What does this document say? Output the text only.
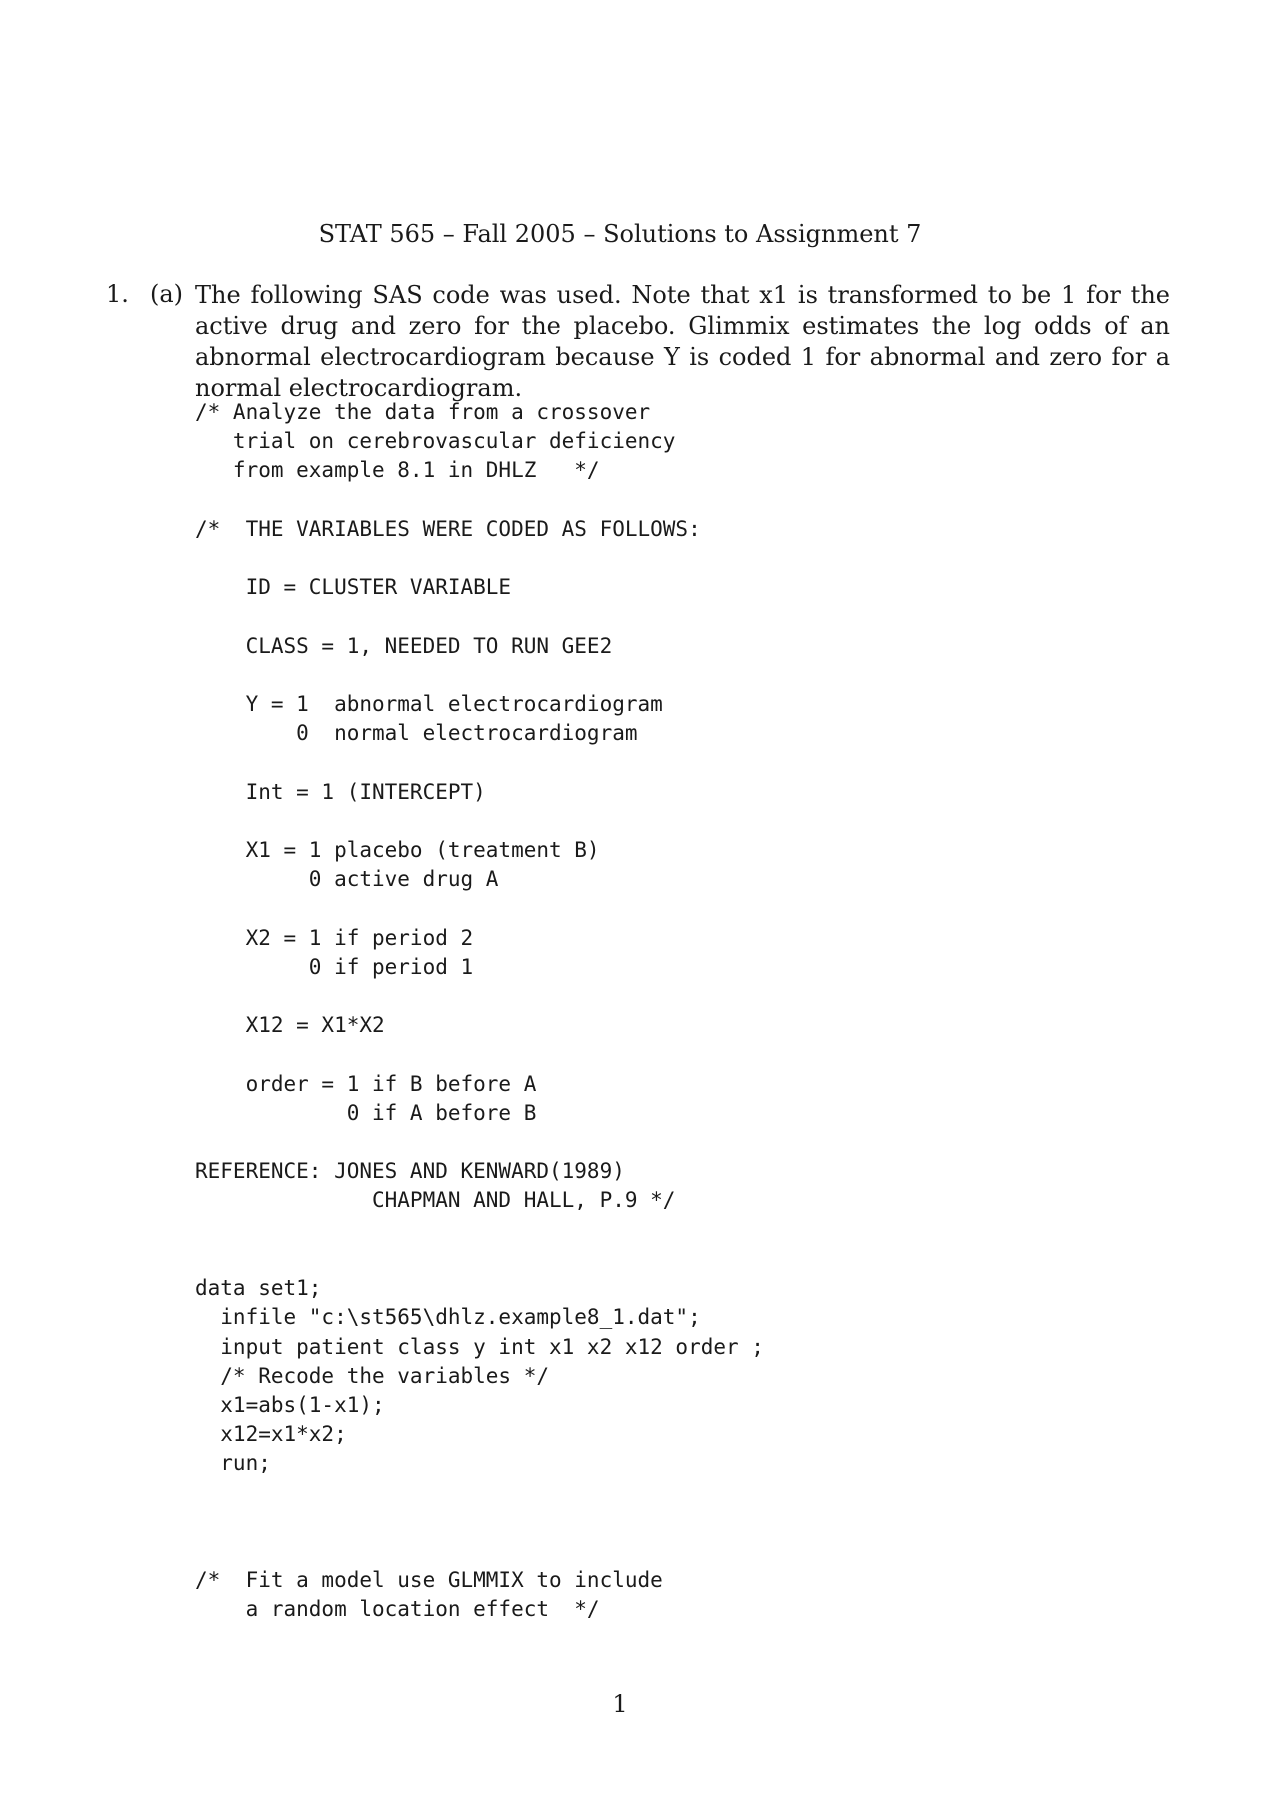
STAT 565 – Fall 2005 – Solutions to Assignment 7
1. (a) The following SAS code was used. Note that x1 is transformed to be 1 for the active drug and zero for the placebo. Glimmix estimates the log odds of an abnormal electrocardiogram because Y is coded 1 for abnormal and zero for a normal electrocardiogram.

/* Analyze the data from a crossover
trial on cerebrovascular deficiency
from example 8.1 in DHLZ   */

/*  THE VARIABLES WERE CODED AS FOLLOWS:

ID = CLUSTER VARIABLE

CLASS = 1, NEEDED TO RUN GEE2

Y = 1  abnormal electrocardiogram
0  normal electrocardiogram

Int = 1 (INTERCEPT)

X1 = 1 placebo (treatment B)
0 active drug A

X2 = 1 if period 2
0 if period 1

X12 = X1*X2

order = 1 if B before A
0 if A before B

REFERENCE: JONES AND KENWARD(1989)
CHAPMAN AND HALL, P.9 */

data set1;
infile "c:\st565\dhlz.example8_1.dat";
input patient class y int x1 x2 x12 order ;
/* Recode the variables */
x1=abs(1-x1);
x12=x1*x2;
run;

/*  Fit a model use GLMMIX to include
a random location effect  */

1
